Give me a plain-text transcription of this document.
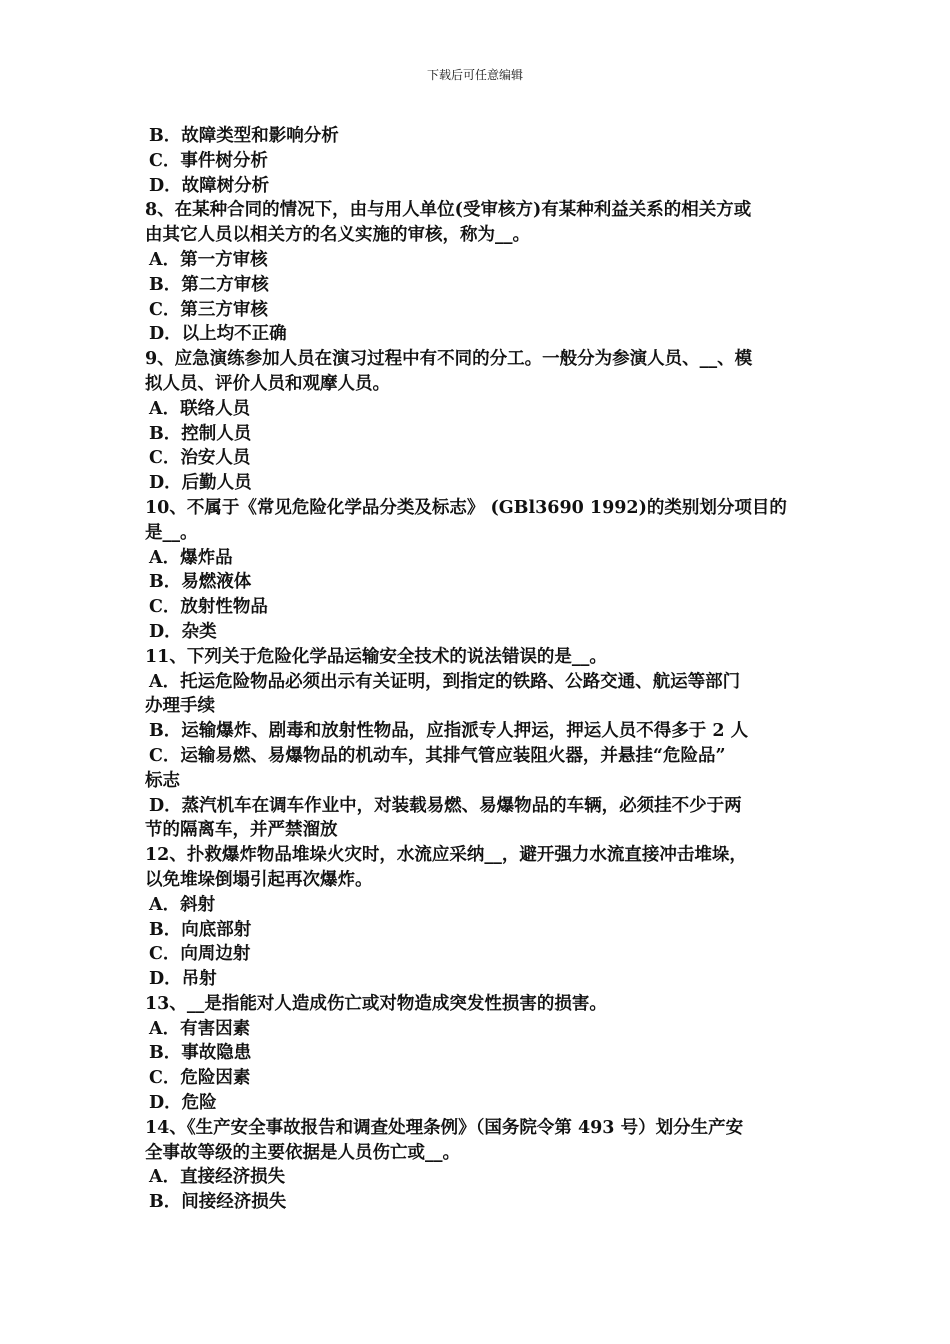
下载后可任意编辑
B．故障类型和影响分析
C．事件树分析
D．故障树分析
8、在某种合同的情况下，由与用人单位(受审核方)有某种利益关系的相关方或
由其它人员以相关方的名义实施的审核，称为__。
A．第一方审核
B．第二方审核
C．第三方审核
D．以上均不正确
9、应急演练参加人员在演习过程中有不同的分工。一般分为参演人员、__、模
拟人员、评价人员和观摩人员。
A．联络人员
B．控制人员
C．治安人员
D．后勤人员
10、不属于《常见危险化学品分类及标志》 (GBl3690 1992)的类别划分项目的
是__。
A．爆炸品
B．易燃液体
C．放射性物品
D．杂类
11、下列关于危险化学品运输安全技术的说法错误的是__。
A．托运危险物品必须出示有关证明，到指定的铁路、公路交通、航运等部门
办理手续
B．运输爆炸、剧毒和放射性物品，应指派专人押运，押运人员不得多于 2 人
C．运输易燃、易爆物品的机动车，其排气管应装阻火器，并悬挂“危险品”
标志
D．蒸汽机车在调车作业中，对装载易燃、易爆物品的车辆，必须挂不少于两
节的隔离车，并严禁溜放
12、扑救爆炸物品堆垛火灾时，水流应采纳__，避开强力水流直接冲击堆垛，
以免堆垛倒塌引起再次爆炸。
A．斜射
B．向底部射
C．向周边射
D．吊射
13、__是指能对人造成伤亡或对物造成突发性损害的损害。
A．有害因素
B．事故隐患
C．危险因素
D．危险
14、《生产安全事故报告和调查处理条例》（国务院令第 493 号）划分生产安
全事故等级的主要依据是人员伤亡或__。
A．直接经济损失
B．间接经济损失
